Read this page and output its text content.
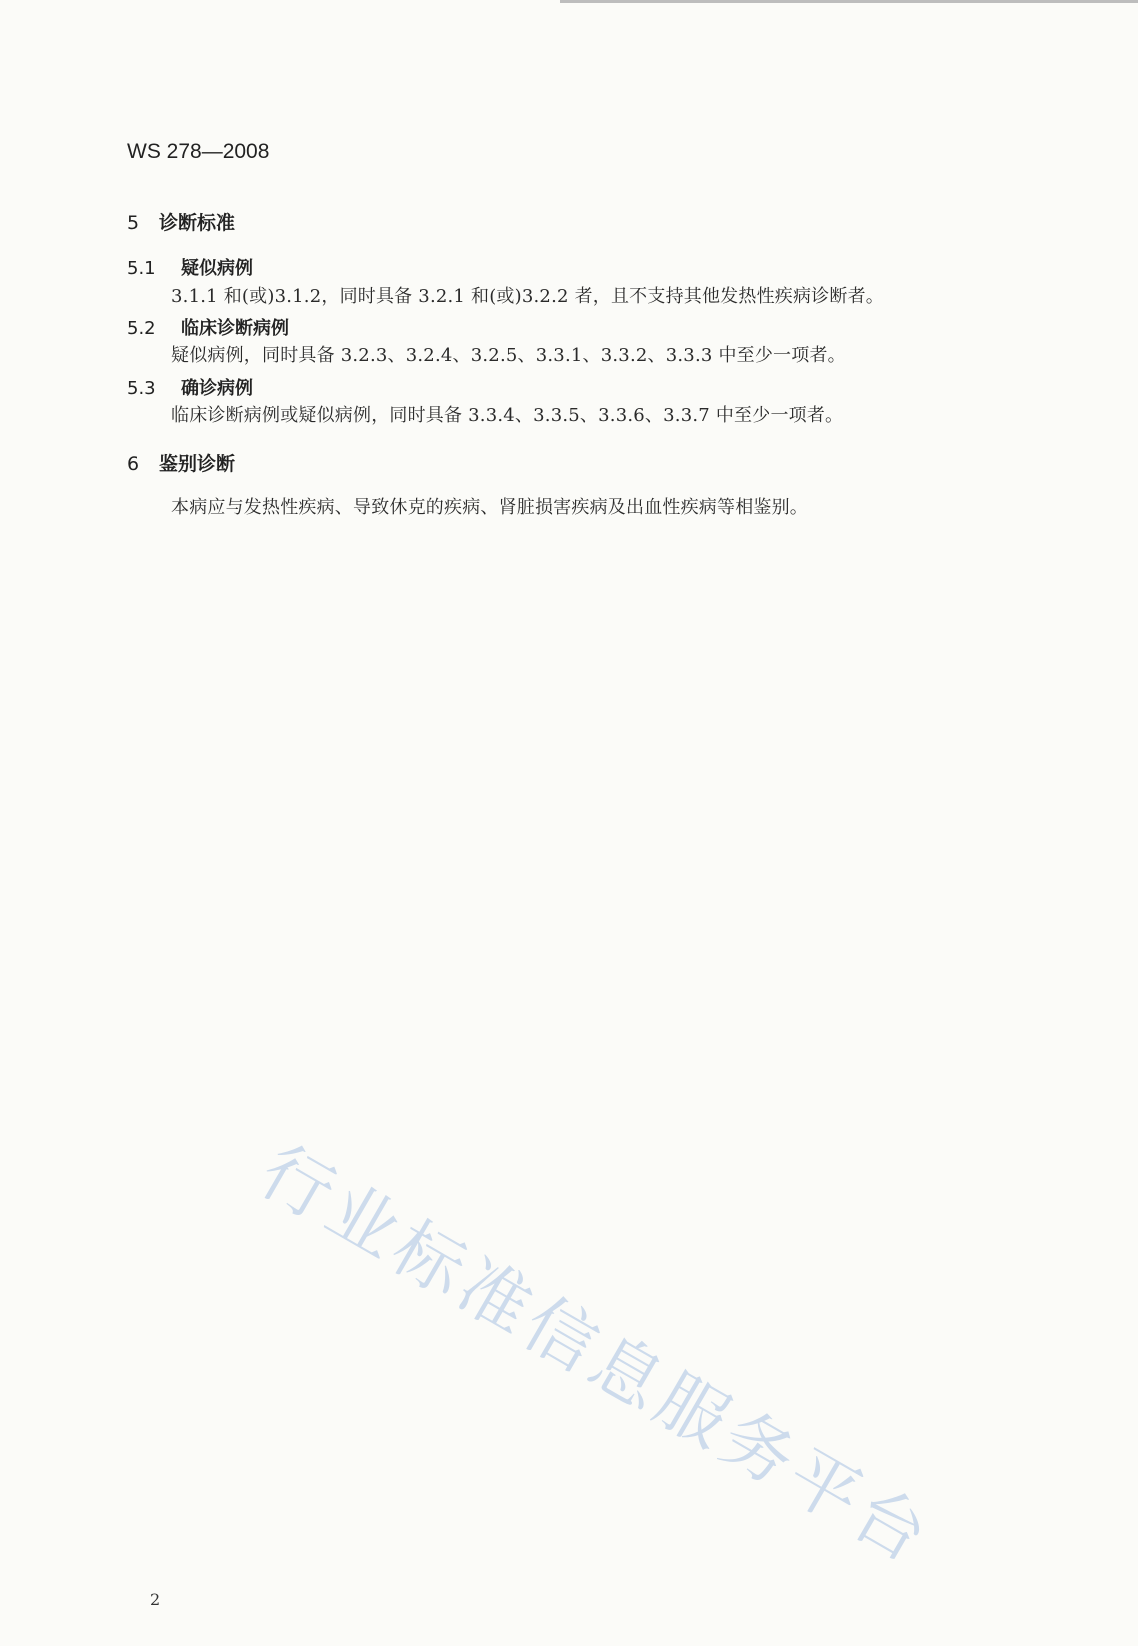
WS 278—2008
5 诊断标准
5.1 疑似病例
3.1.1 和(或)3.1.2，同时具备 3.2.1 和(或)3.2.2 者，且不支持其他发热性疾病诊断者。
5.2 临床诊断病例
疑似病例，同时具备 3.2.3、3.2.4、3.2.5、3.3.1、3.3.2、3.3.3 中至少一项者。
5.3 确诊病例
临床诊断病例或疑似病例，同时具备 3.3.4、3.3.5、3.3.6、3.3.7 中至少一项者。
6 鉴别诊断
本病应与发热性疾病、导致休克的疾病、肾脏损害疾病及出血性疾病等相鉴别。
行业标准信息服务平台
2
